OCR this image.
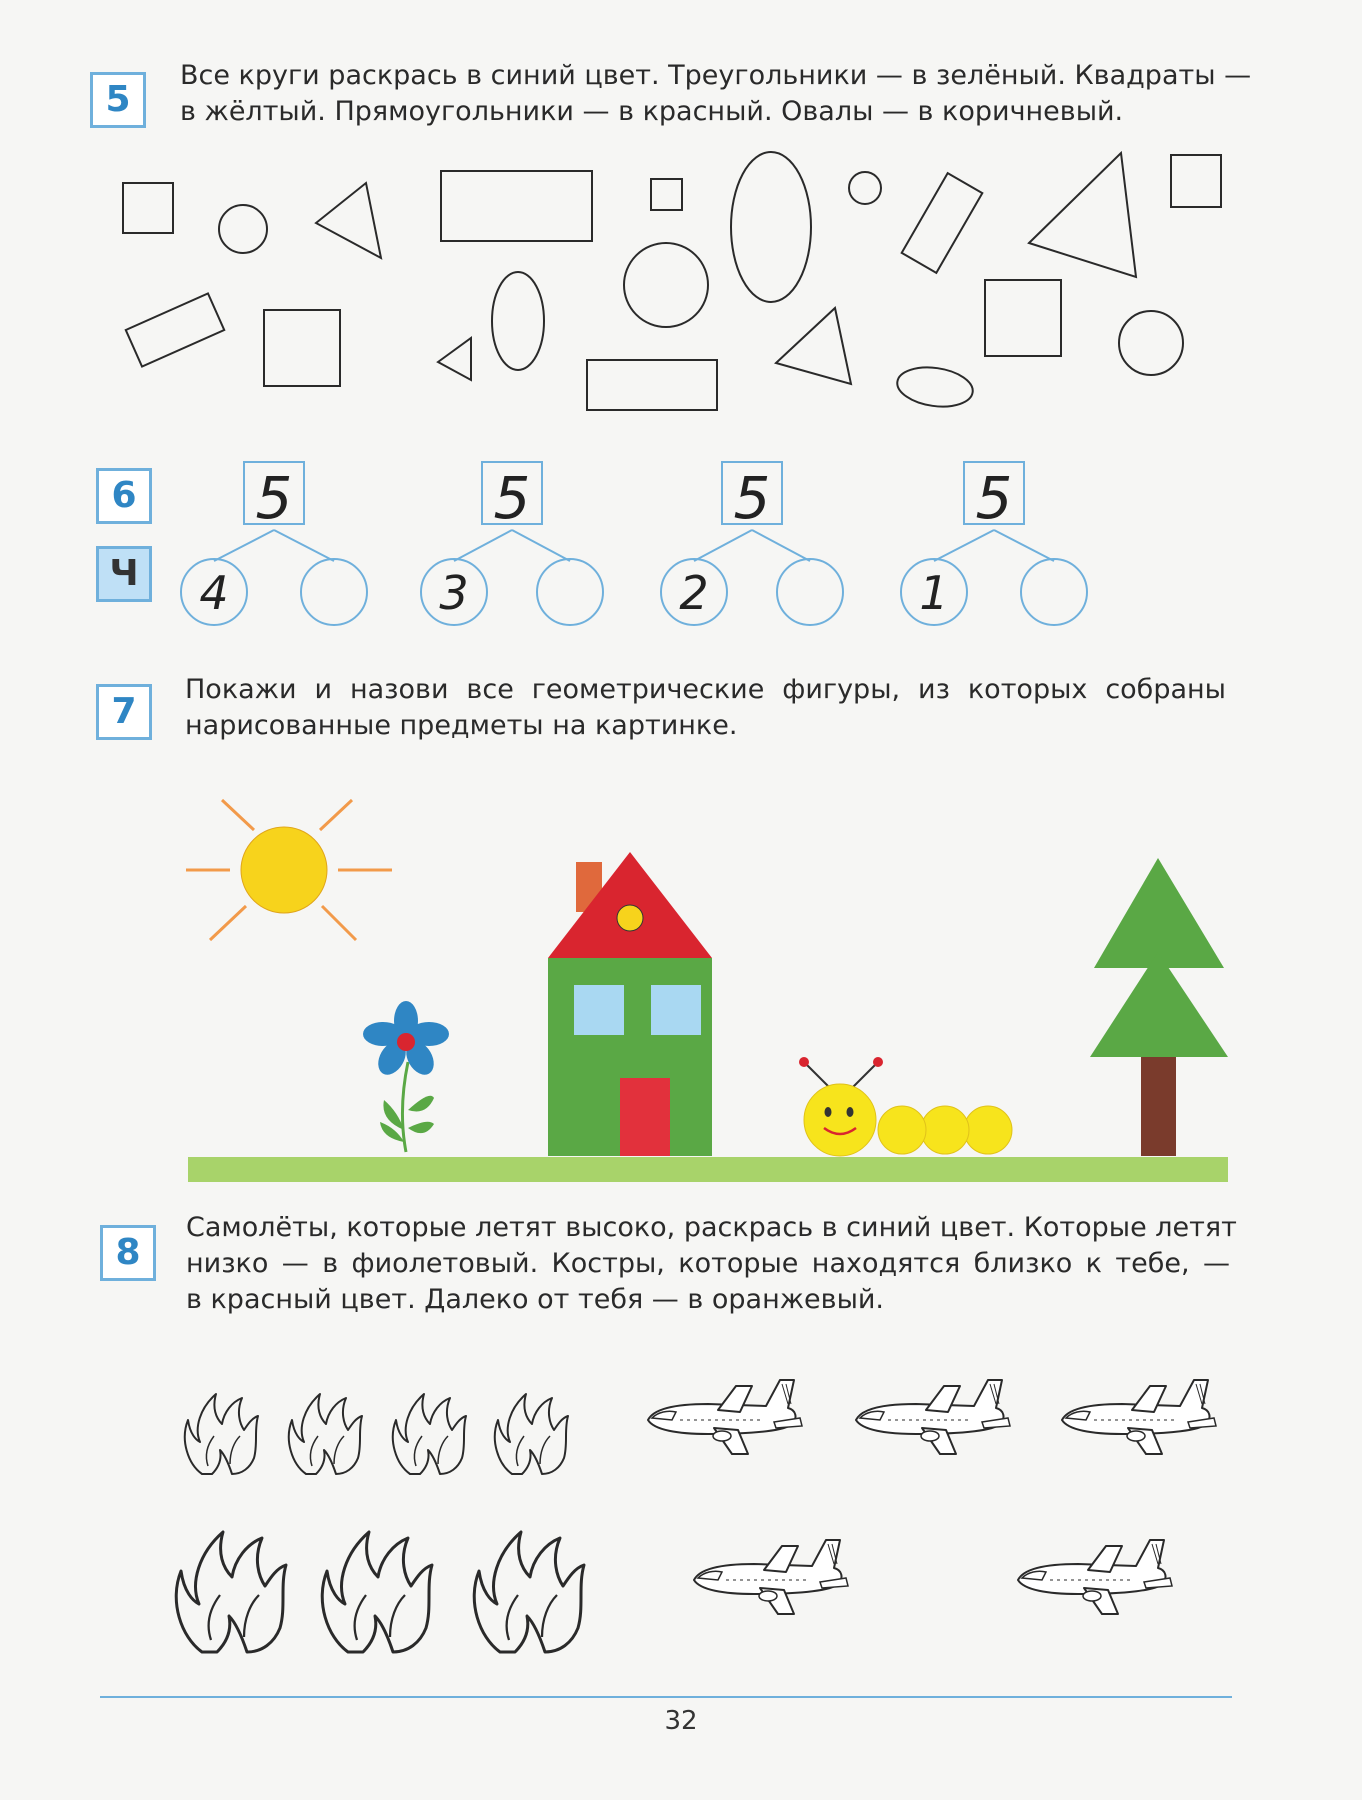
5
Все круги раскрась в синий цвет. Треугольники — в зелёный. Квадраты —
в жёлтый. Прямоугольники — в красный. Овалы — в коричневый.
6
Ч
5	5	5	5
4	3	2	1
7
Покажи и назови все геометрические фигуры, из которых собраны
нарисованные предметы на картинке.
8
Самолёты, которые летят высоко, раскрась в синий цвет. Которые летят
низко — в фиолетовый. Костры, которые находятся близко к тебе, —
в красный цвет. Далеко от тебя — в оранжевый.
32
